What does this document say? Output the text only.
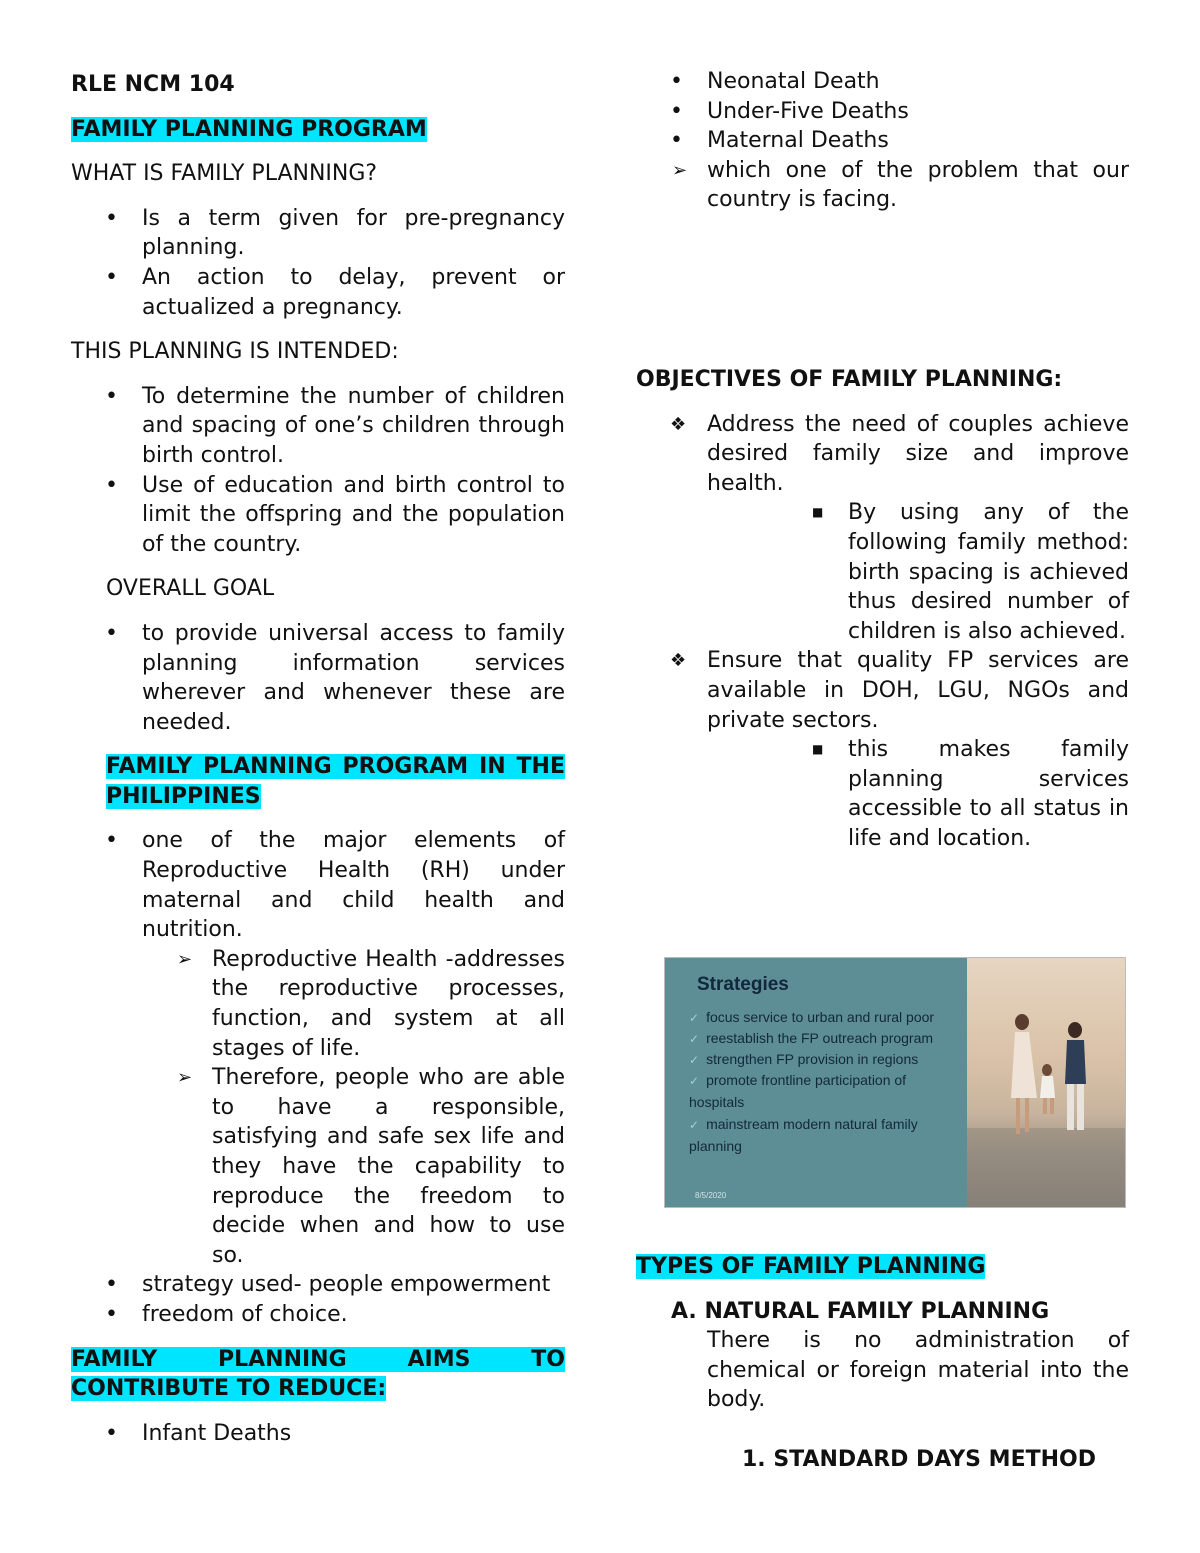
RLE NCM 104

FAMILY PLANNING PROGRAM

WHAT IS FAMILY PLANNING?

• Is a term given for pre-pregnancy planning.
• An action to delay, prevent or actualized a pregnancy.

THIS PLANNING IS INTENDED:

• To determine the number of children and spacing of one’s children through birth control.
• Use of education and birth control to limit the offspring and the population of the country.

OVERALL GOAL

• to provide universal access to family planning information services wherever and whenever these are needed.

FAMILY PLANNING PROGRAM IN THE PHILIPPINES

• one of the major elements of Reproductive Health (RH) under maternal and child health and nutrition.
➢ Reproductive Health -addresses the reproductive processes, function, and system at all stages of life.
➢ Therefore, people who are able to have a responsible, satisfying and safe sex life and they have the capability to reproduce the freedom to decide when and how to use so.
• strategy used- people empowerment
• freedom of choice.

FAMILY PLANNING AIMS TO CONTRIBUTE TO REDUCE:

• Infant Deaths
• Neonatal Death
• Under-Five Deaths
• Maternal Deaths
➢ which one of the problem that our country is facing.

OBJECTIVES OF FAMILY PLANNING:

❖ Address the need of couples achieve desired family size and improve health.
■ By using any of the following family method: birth spacing is achieved thus desired number of children is also achieved.
❖ Ensure that quality FP services are available in DOH, LGU, NGOs and private sectors.
■ this makes family planning services accessible to all status in life and location.
Strategies
✓ focus service to urban and rural poor
✓ reestablish the FP outreach program
✓ strengthen FP provision in regions
✓ promote frontline participation of hospitals
✓ mainstream modern natural family planning
8/5/2020

TYPES OF FAMILY PLANNING

A. NATURAL FAMILY PLANNING

There is no administration of chemical or foreign material into the body.

1. STANDARD DAYS METHOD
